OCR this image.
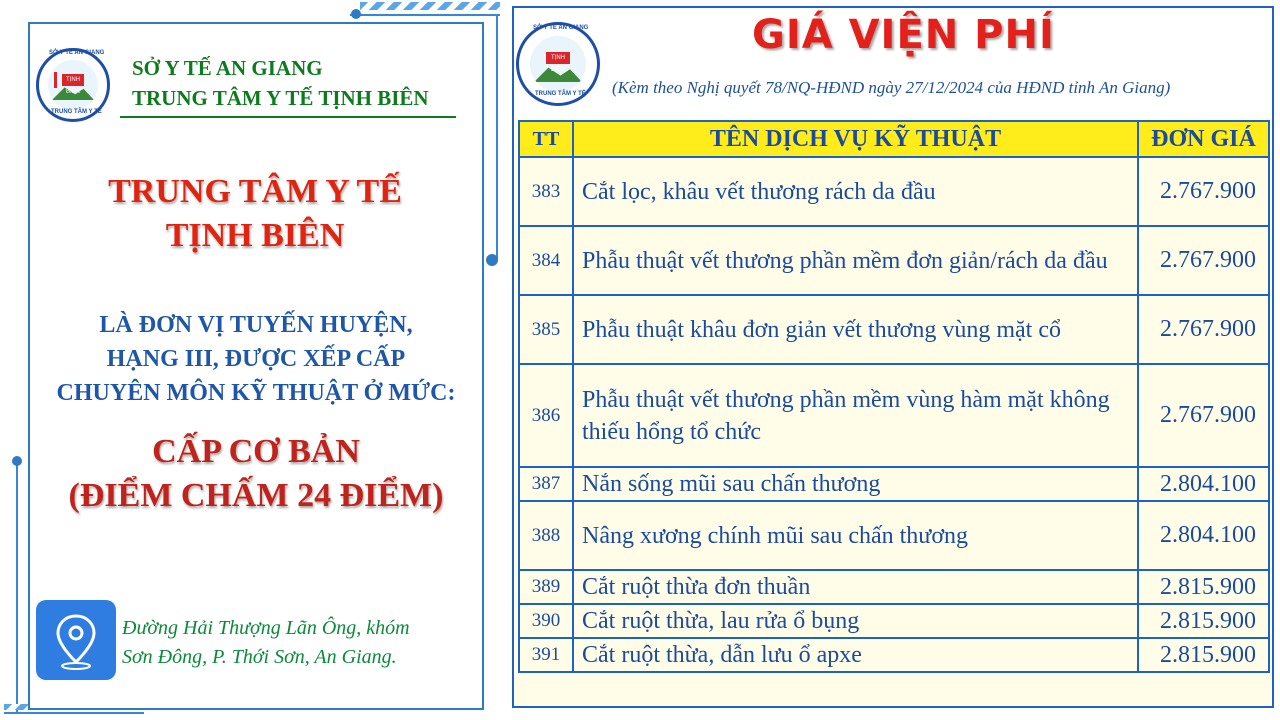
TỊNH BIÊN
SỞ Y TẾ AN GIANG
TRUNG TÂM Y TẾ
SỞ Y TẾ AN GIANG
TRUNG TÂM Y TẾ TỊNH BIÊN
TRUNG TÂM Y TẾ
TỊNH BIÊN
LÀ ĐƠN VỊ TUYẾN HUYỆN,
HẠNG III, ĐƯỢC XẾP CẤP
CHUYÊN MÔN KỸ THUẬT Ở MỨC:
CẤP CƠ BẢN
(ĐIỂM CHẤM 24 ĐIỂM)
Đường Hải Thượng Lãn Ông, khóm
Sơn Đông, P. Thới Sơn, An Giang.
TỊNH BIÊN
SỞ Y TẾ AN GIANG
TRUNG TÂM Y TẾ
GIÁ VIỆN PHÍ
(Kèm theo Nghị quyết 78/NQ-HĐND ngày 27/12/2024 của HĐND tỉnh An Giang)
TT	TÊN DỊCH VỤ KỸ THUẬT	ĐƠN GIÁ
383	Cắt lọc, khâu vết thương rách da đầu	2.767.900
384	Phẫu thuật vết thương phần mềm đơn giản/rách da đầu	2.767.900
385	Phẫu thuật khâu đơn giản vết thương vùng mặt cổ	2.767.900
386	Phẫu thuật vết thương phần mềm vùng hàm mặt không thiếu hổng tổ chức	2.767.900
387	Nắn sống mũi sau chấn thương	2.804.100
388	Nâng xương chính mũi sau chấn thương	2.804.100
389	Cắt ruột thừa đơn thuần	2.815.900
390	Cắt ruột thừa, lau rửa ổ bụng	2.815.900
391	Cắt ruột thừa, dẫn lưu ổ apxe	2.815.900
